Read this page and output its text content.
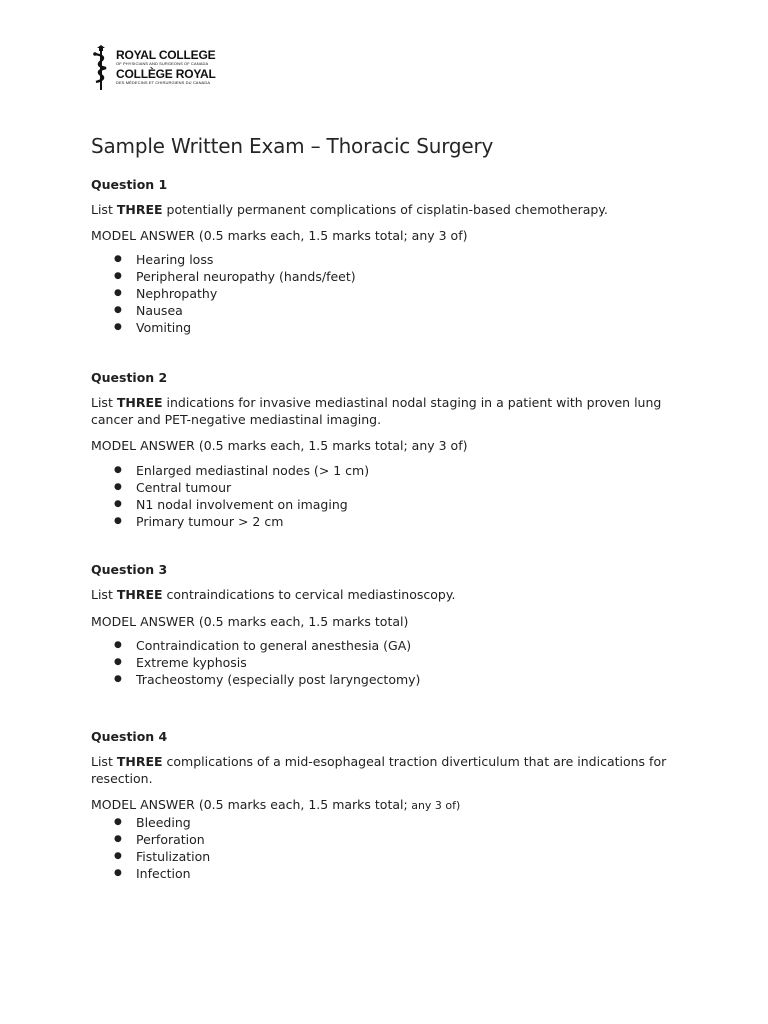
ROYAL COLLEGE
OF PHYSICIANS AND SURGEONS OF CANADA
COLLÈGE ROYAL
DES MÉDECINS ET CHIRURGIENS DU CANADA
Sample Written Exam – Thoracic Surgery

Question 1

List THREE potentially permanent complications of cisplatin-based chemotherapy.

MODEL ANSWER (0.5 marks each, 1.5 marks total; any 3 of)

● Hearing loss
● Peripheral neuropathy (hands/feet)
● Nephropathy
● Nausea
● Vomiting

Question 2

List THREE indications for invasive mediastinal nodal staging in a patient with proven lung cancer and PET-negative mediastinal imaging.

MODEL ANSWER (0.5 marks each, 1.5 marks total; any 3 of)

● Enlarged mediastinal nodes (> 1 cm)
● Central tumour
● N1 nodal involvement on imaging
● Primary tumour > 2 cm

Question 3

List THREE contraindications to cervical mediastinoscopy.

MODEL ANSWER (0.5 marks each, 1.5 marks total)

● Contraindication to general anesthesia (GA)
● Extreme kyphosis
● Tracheostomy (especially post laryngectomy)

Question 4

List THREE complications of a mid-esophageal traction diverticulum that are indications for resection.

MODEL ANSWER (0.5 marks each, 1.5 marks total; any 3 of)

● Bleeding
● Perforation
● Fistulization
● Infection
